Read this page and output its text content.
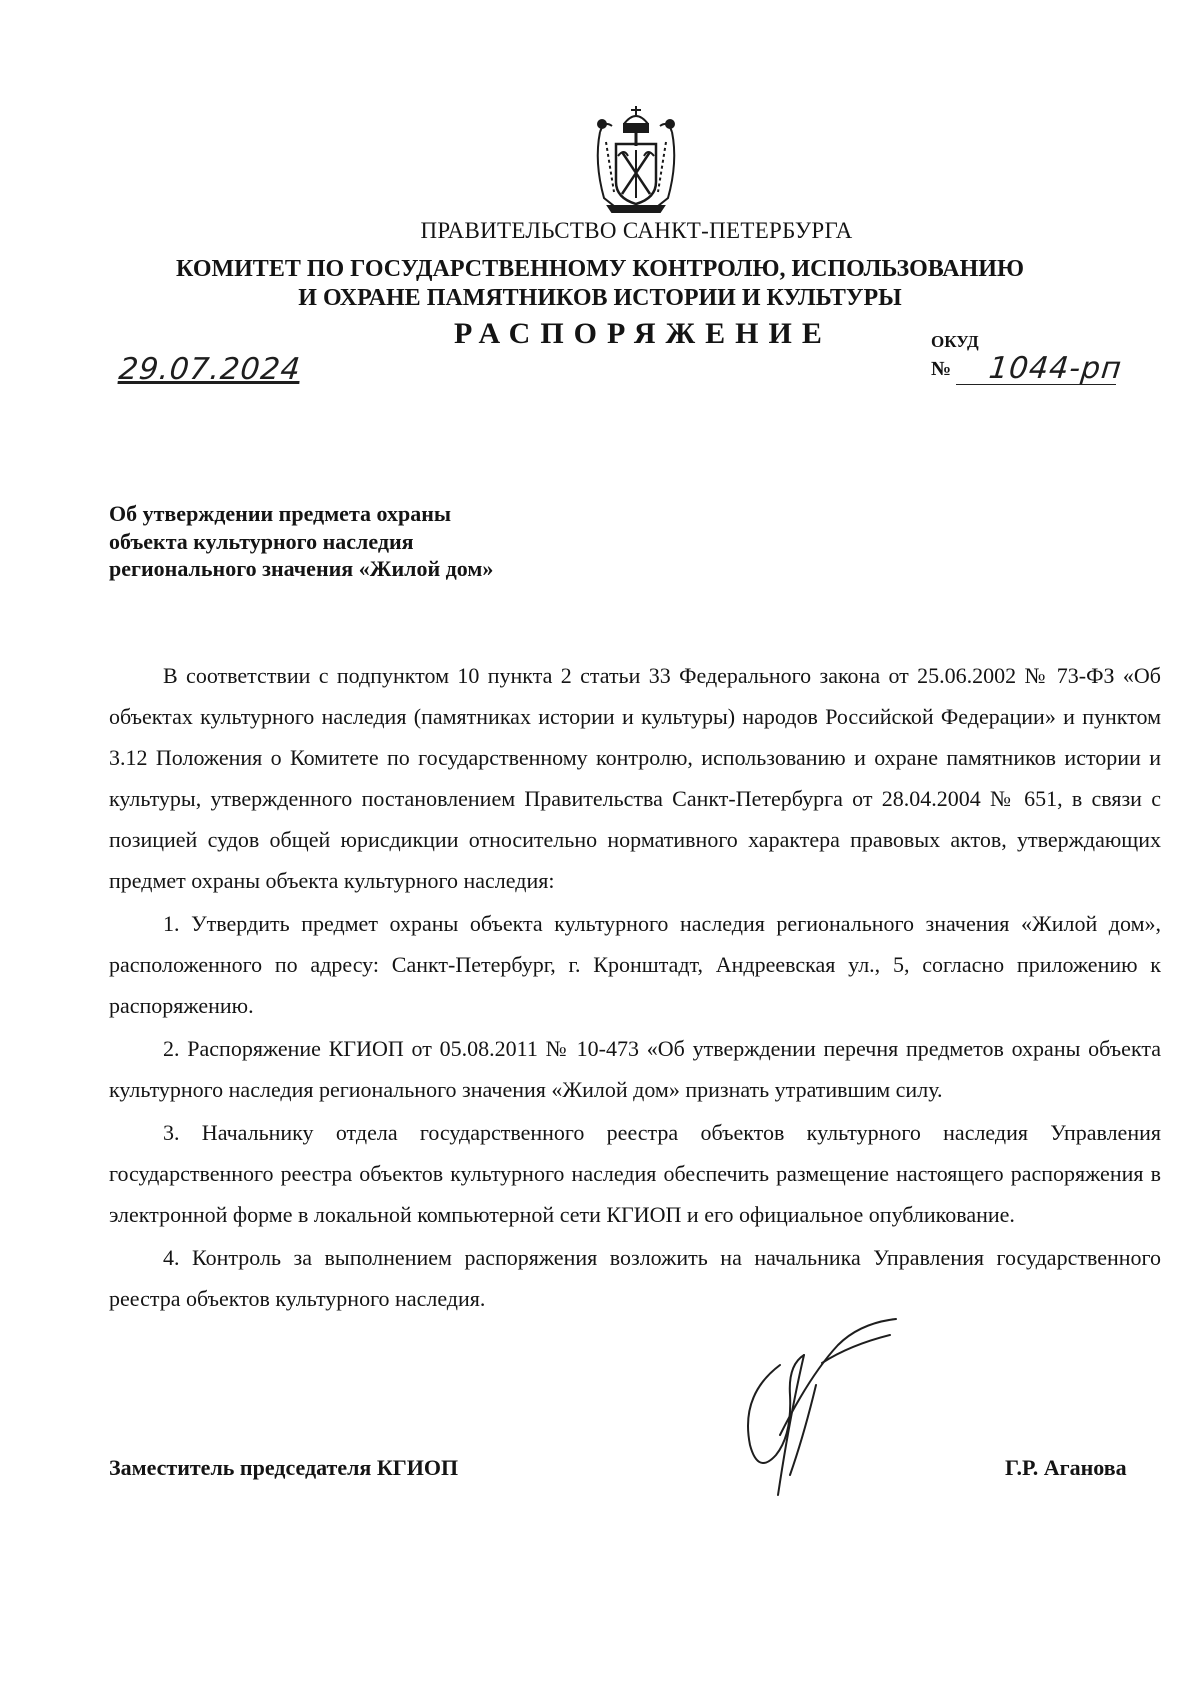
ПРАВИТЕЛЬСТВО САНКТ-ПЕТЕРБУРГА
КОМИТЕТ ПО ГОСУДАРСТВЕННОМУ КОНТРОЛЮ, ИСПОЛЬЗОВАНИЮ
И ОХРАНЕ ПАМЯТНИКОВ ИСТОРИИ И КУЛЬТУРЫ
РАСПОРЯЖЕНИЕ	ОКУД
№
29.07.2024	1044-рп
Об утверждении предмета охраны
объекта культурного наследия
регионального значения «Жилой дом»

В соответствии с подпунктом 10 пункта 2 статьи 33 Федерального закона от 25.06.2002 № 73-ФЗ «Об объектах культурного наследия (памятниках истории и культуры) народов Российской Федерации» и пунктом 3.12 Положения о Комитете по государственному контролю, использованию и охране памятников истории и культуры, утвержденного постановлением Правительства Санкт-Петербурга от 28.04.2004 № 651, в связи с позицией судов общей юрисдикции относительно нормативного характера правовых актов, утверждающих предмет охраны объекта культурного наследия:

1. Утвердить предмет охраны объекта культурного наследия регионального значения «Жилой дом», расположенного по адресу: Санкт-Петербург, г. Кронштадт, Андреевская ул., 5, согласно приложению к распоряжению.

2. Распоряжение КГИОП от 05.08.2011 № 10-473 «Об утверждении перечня предметов охраны объекта культурного наследия регионального значения «Жилой дом» признать утратившим силу.

3. Начальнику отдела государственного реестра объектов культурного наследия Управления государственного реестра объектов культурного наследия обеспечить размещение настоящего распоряжения в электронной форме в локальной компьютерной сети КГИОП и его официальное опубликование.

4. Контроль за выполнением распоряжения возложить на начальника Управления государственного реестра объектов культурного наследия.

Заместитель председателя КГИОП	Г.Р. Аганова
